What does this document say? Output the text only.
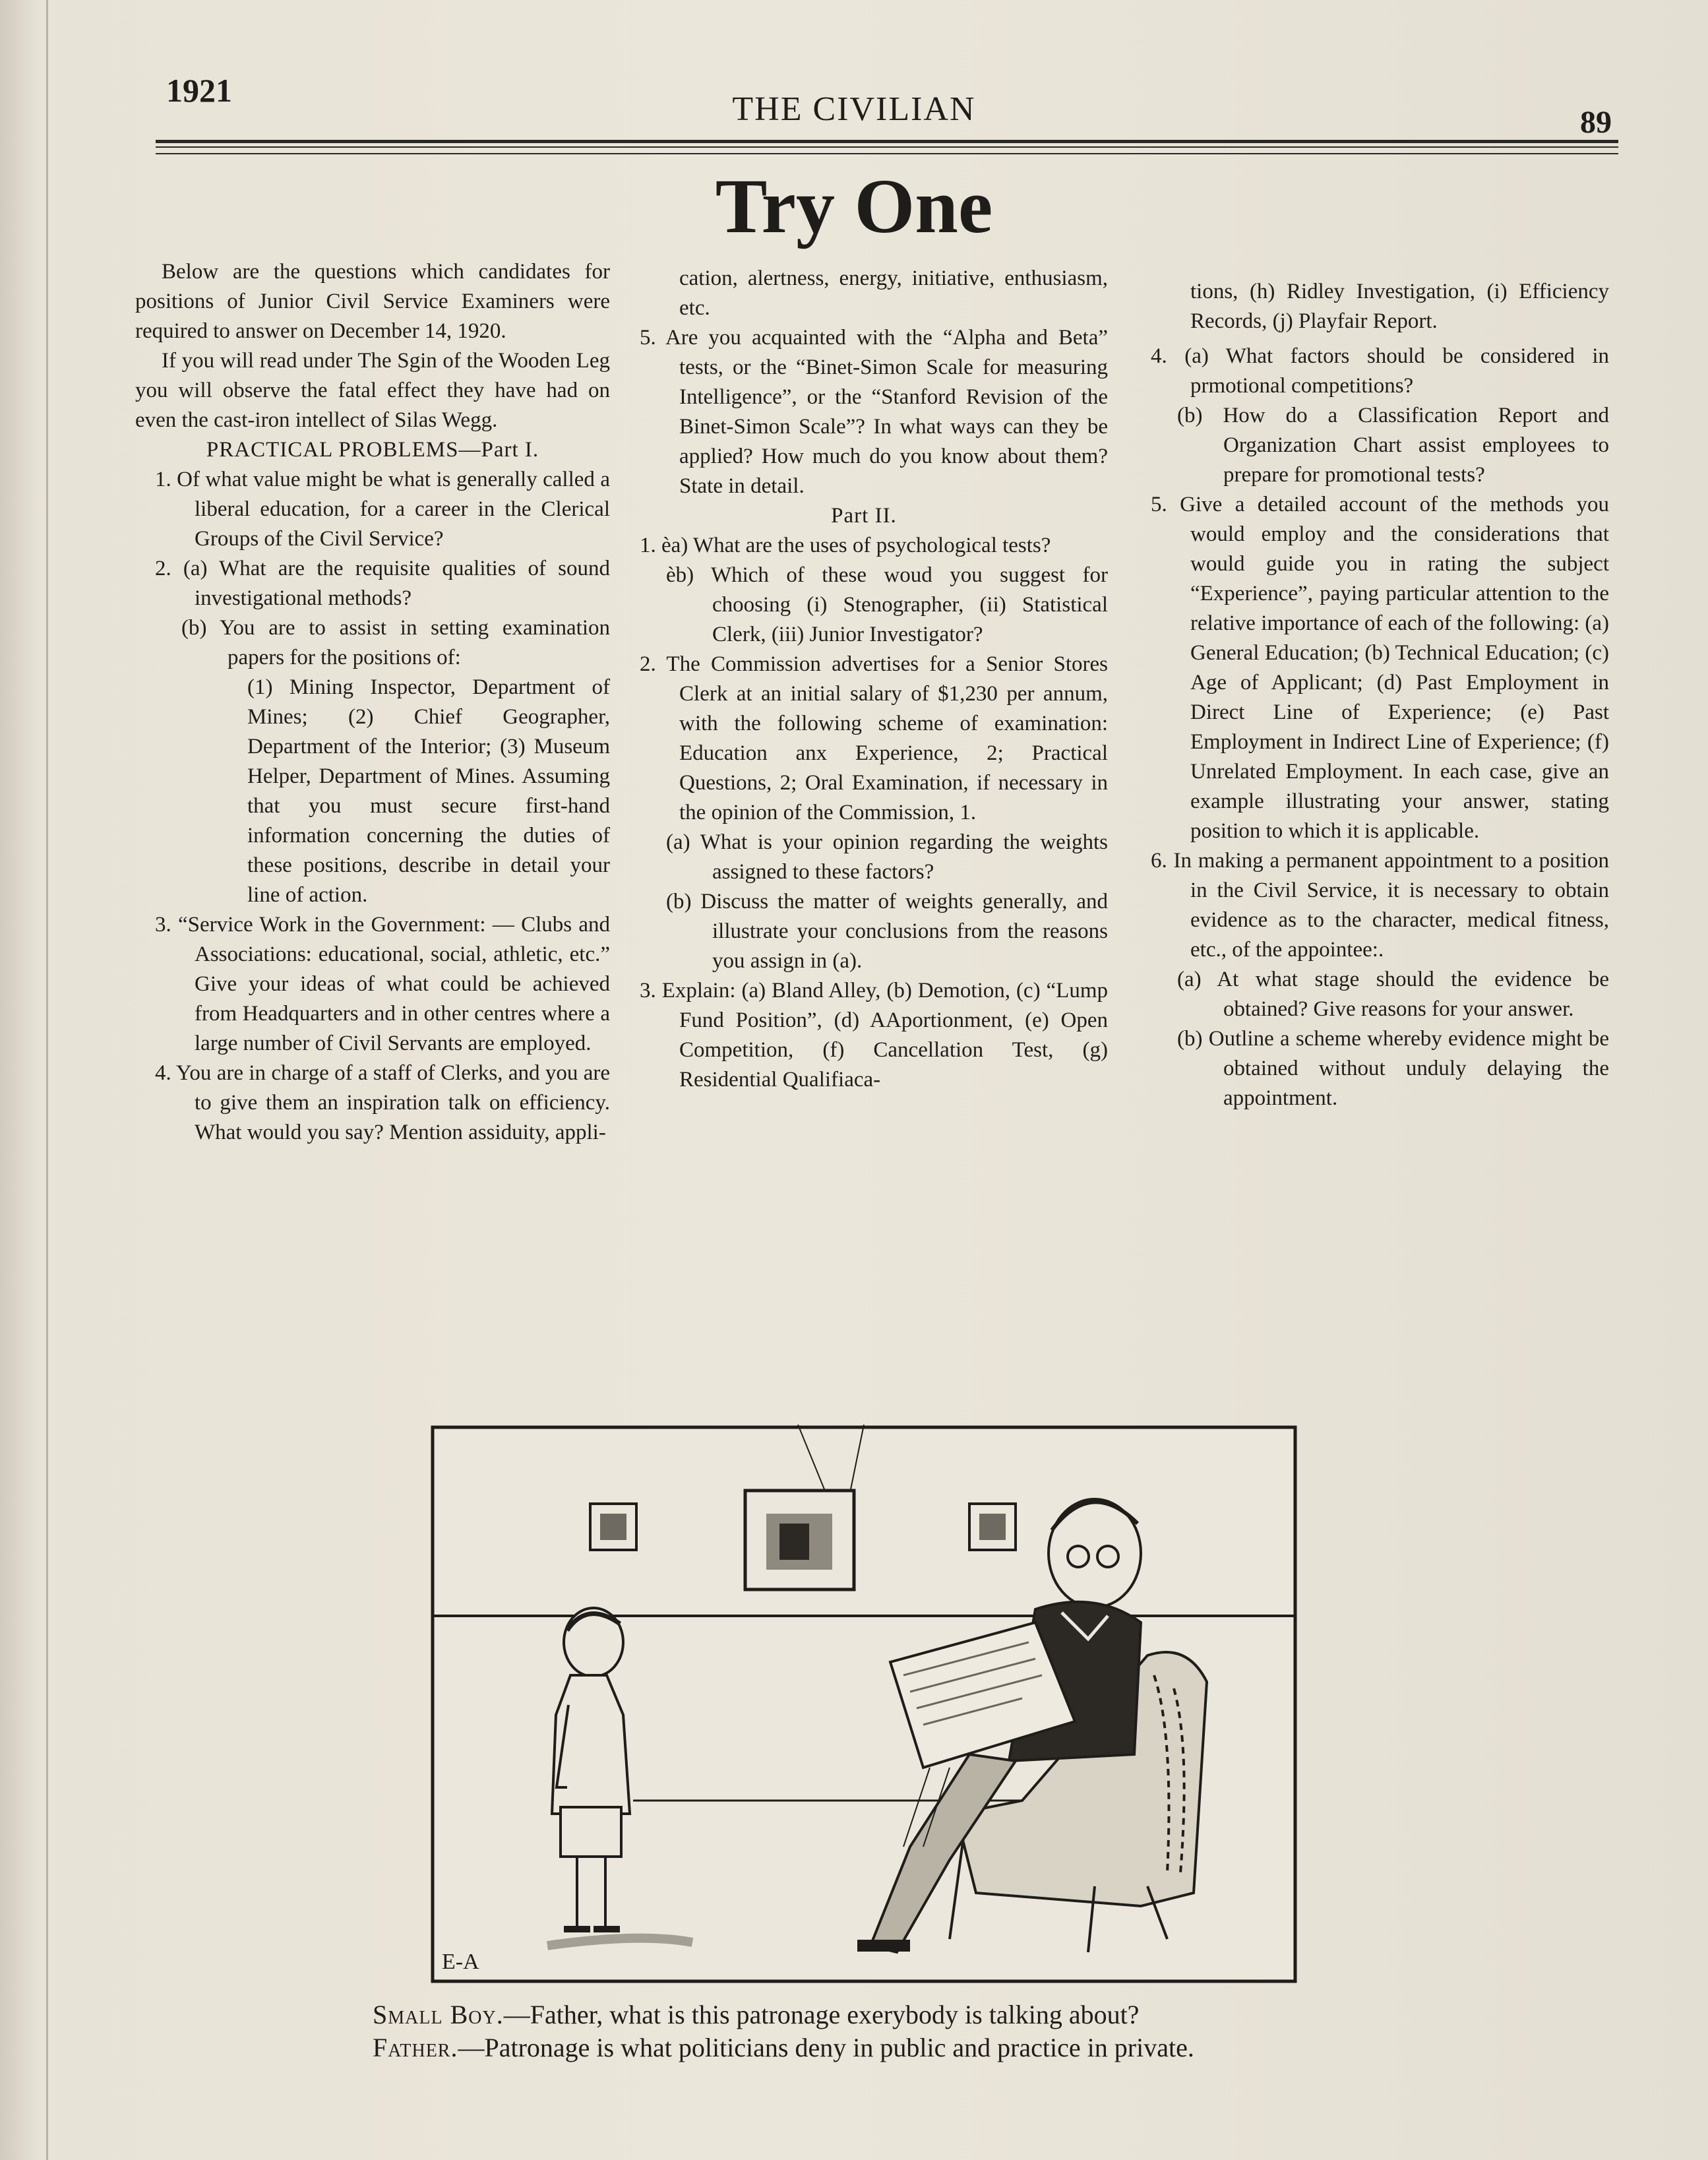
1921	THE CIVILIAN	89
Try One

Below are the questions which candidates for positions of Junior Civil Service Examiners were required to answer on December 14, 1920.

If you will read under The Sgin of the Wooden Leg you will observe the fatal effect they have had on even the cast-iron intellect of Silas Wegg.

PRACTICAL PROBLEMS—Part I.

1. Of what value might be what is generally called a liberal education, for a career in the Clerical Groups of the Civil Service?

2. (a) What are the requisite qualities of sound investigational methods?

(b) You are to assist in setting examination papers for the positions of:

(1) Mining Inspector, Department of Mines; (2) Chief Geographer, Department of the Interior; (3) Museum Helper, Department of Mines. Assuming that you must secure first-hand information concerning the duties of these positions, describe in detail your line of action.

3. “Service Work in the Government: — Clubs and Associations: educational, social, athletic, etc.” Give your ideas of what could be achieved from Headquarters and in other centres where a large number of Civil Servants are employed.

4. You are in charge of a staff of Clerks, and you are to give them an inspiration talk on efficiency. What would you say? Mention assiduity, appli-

cation, alertness, energy, initiative, enthusiasm, etc.

5. Are you acquainted with the “Alpha and Beta” tests, or the “Binet-Simon Scale for measuring Intelligence”, or the “Stanford Revision of the Binet-Simon Scale”? In what ways can they be applied? How much do you know about them? State in detail.

Part II.

1. èa) What are the uses of psychological tests?

èb) Which of these woud you suggest for choosing (i) Stenographer, (ii) Statistical Clerk, (iii) Junior Investigator?

2. The Commission advertises for a Senior Stores Clerk at an initial salary of $1,230 per annum, with the following scheme of examination: Education anx Experience, 2; Practical Questions, 2; Oral Examination, if necessary in the opinion of the Commission, 1.

(a) What is your opinion regarding the weights assigned to these factors?

(b) Discuss the matter of weights generally, and illustrate your conclusions from the reasons you assign in (a).

3. Explain: (a) Bland Alley, (b) Demotion, (c) “Lump Fund Position”, (d) AAportionment, (e) Open Competition, (f) Cancellation Test, (g) Residential Qualifiaca-

tions, (h) Ridley Investigation, (i) Efficiency Records, (j) Playfair Report.

4. (a) What factors should be considered in prmotional competitions?

(b) How do a Classification Report and Organization Chart assist employees to prepare for promotional tests?

5. Give a detailed account of the methods you would employ and the considerations that would guide you in rating the subject “Experience”, paying particular attention to the relative importance of each of the following: (a) General Education; (b) Technical Education; (c) Age of Applicant; (d) Past Employment in Direct Line of Experience; (e) Past Employment in Indirect Line of Experience; (f) Unrelated Employment. In each case, give an example illustrating your answer, stating position to which it is applicable.

6. In making a permanent appointment to a position in the Civil Service, it is necessary to obtain evidence as to the character, medical fitness, etc., of the appointee:.

(a) At what stage should the evidence be obtained? Give reasons for your answer.

(b) Outline a scheme whereby evidence might be obtained without unduly delaying the appointment.

E-A

Small Boy.—Father, what is this patronage exerybody is talking about?

Father.—Patronage is what politicians deny in public and practice in private.
